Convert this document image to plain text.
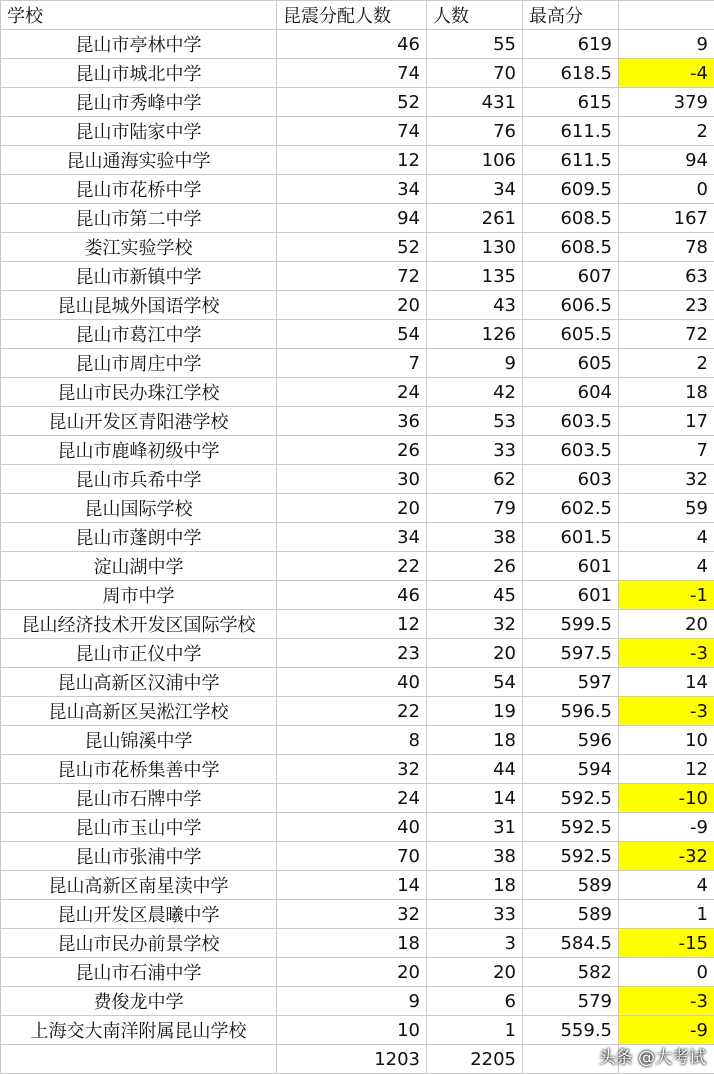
学校	昆震分配人数	人数	最高分	
昆山市亭林中学	46	55	619	9
昆山市城北中学	74	70	618.5	-4
昆山市秀峰中学	52	431	615	379
昆山市陆家中学	74	76	611.5	2
昆山通海实验中学	12	106	611.5	94
昆山市花桥中学	34	34	609.5	0
昆山市第二中学	94	261	608.5	167
娄江实验学校	52	130	608.5	78
昆山市新镇中学	72	135	607	63
昆山昆城外国语学校	20	43	606.5	23
昆山市葛江中学	54	126	605.5	72
昆山市周庄中学	7	9	605	2
昆山市民办珠江学校	24	42	604	18
昆山开发区青阳港学校	36	53	603.5	17
昆山市鹿峰初级中学	26	33	603.5	7
昆山市兵希中学	30	62	603	32
昆山国际学校	20	79	602.5	59
昆山市蓬朗中学	34	38	601.5	4
淀山湖中学	22	26	601	4
周市中学	46	45	601	-1
昆山经济技术开发区国际学校	12	32	599.5	20
昆山市正仪中学	23	20	597.5	-3
昆山高新区汉浦中学	40	54	597	14
昆山高新区吴淞江学校	22	19	596.5	-3
昆山锦溪中学	8	18	596	10
昆山市花桥集善中学	32	44	594	12
昆山市石牌中学	24	14	592.5	-10
昆山市玉山中学	40	31	592.5	-9
昆山市张浦中学	70	38	592.5	-32
昆山高新区南星渎中学	14	18	589	4
昆山开发区晨曦中学	32	33	589	1
昆山市民办前景学校	18	3	584.5	-15
昆山市石浦中学	20	20	582	0
费俊龙中学	9	6	579	-3
上海交大南洋附属昆山学校	10	1	559.5	-9
	1203	2205			头条 @大考试
